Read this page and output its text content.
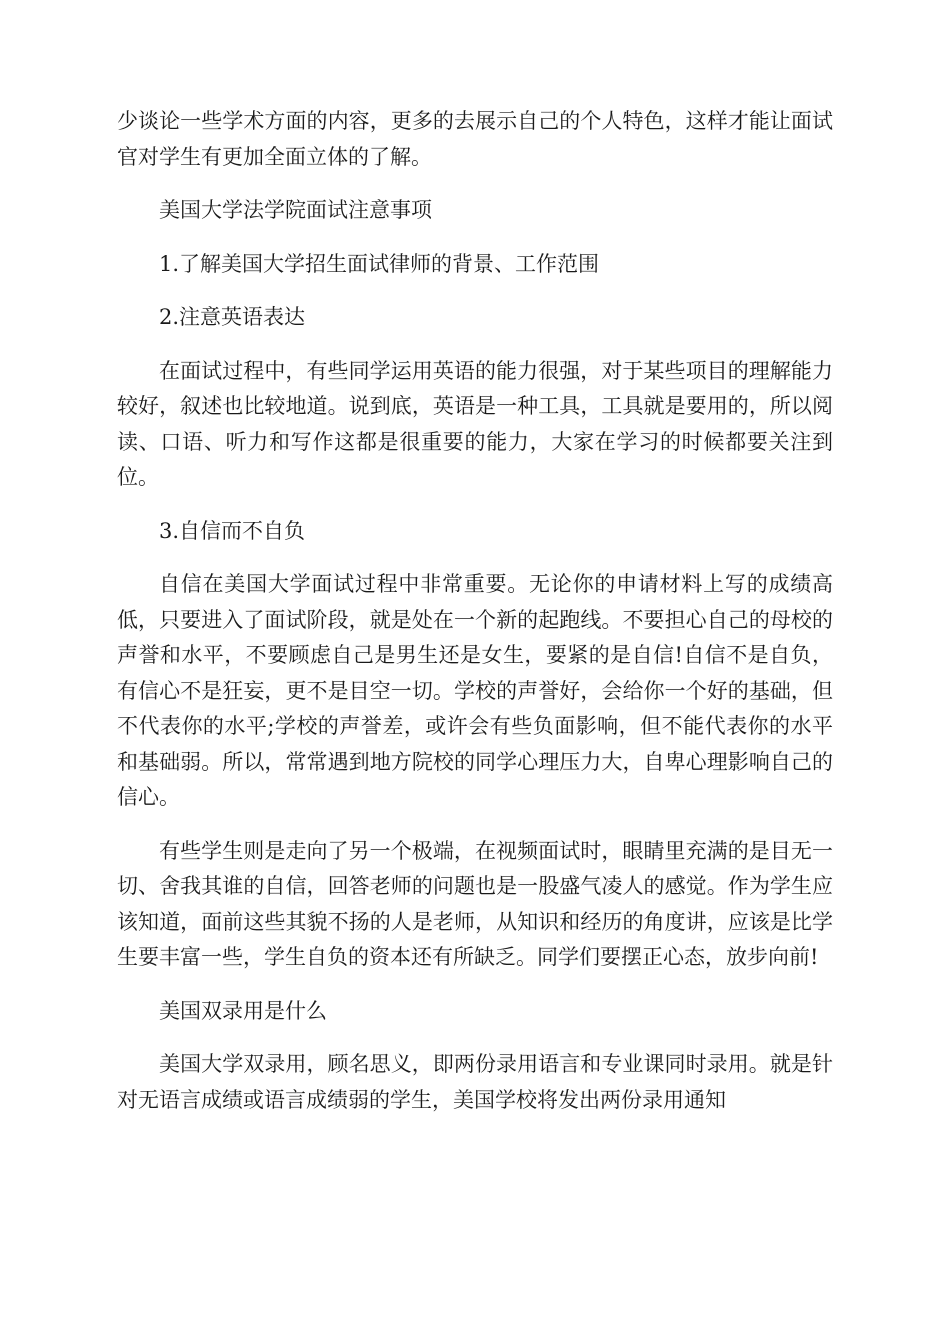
少谈论一些学术方面的内容，更多的去展示自己的个人特色，这样才能让面试官对学生有更加全面立体的了解。

美国大学法学院面试注意事项

1.了解美国大学招生面试律师的背景、工作范围

2.注意英语表达

在面试过程中，有些同学运用英语的能力很强，对于某些项目的理解能力较好，叙述也比较地道。说到底，英语是一种工具，工具就是要用的，所以阅读、口语、听力和写作这都是很重要的能力，大家在学习的时候都要关注到位。

3.自信而不自负

自信在美国大学面试过程中非常重要。无论你的申请材料上写的成绩高低，只要进入了面试阶段，就是处在一个新的起跑线。不要担心自己的母校的声誉和水平，不要顾虑自己是男生还是女生，要紧的是自信!自信不是自负，有信心不是狂妄，更不是目空一切。学校的声誉好，会给你一个好的基础，但不代表你的水平;学校的声誉差，或许会有些负面影响，但不能代表你的水平和基础弱。所以，常常遇到地方院校的同学心理压力大，自卑心理影响自己的信心。

有些学生则是走向了另一个极端，在视频面试时，眼睛里充满的是目无一切、舍我其谁的自信，回答老师的问题也是一股盛气凌人的感觉。作为学生应该知道，面前这些其貌不扬的人是老师，从知识和经历的角度讲，应该是比学生要丰富一些，学生自负的资本还有所缺乏。同学们要摆正心态，放步向前!

美国双录用是什么

美国大学双录用，顾名思义，即两份录用语言和专业课同时录用。就是针对无语言成绩或语言成绩弱的学生，美国学校将发出两份录用通知
